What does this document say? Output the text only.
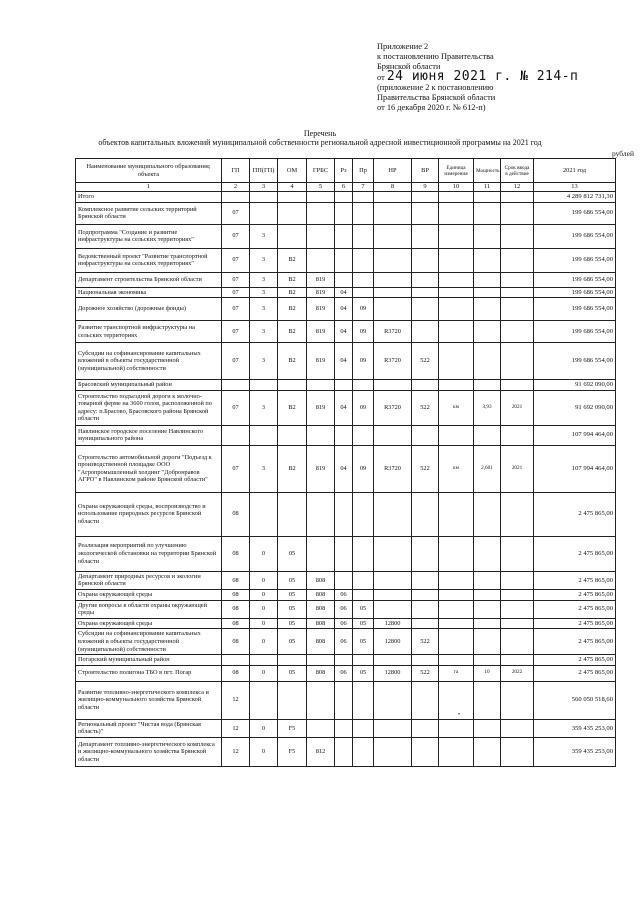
Приложение 2
к постановлению Правительства
Брянской области
от 24 июня 2021 г. № 214-п
(приложение 2 к постановлению
Правительства Брянской области
от 16 декабря 2020 г. № 612-п)
Перечень
объектов капитальных вложений муниципальной собственности региональной адресной инвестиционной программы на 2021 год
рублей
Наименование муниципального образования; объекта	ГП	ПП(ГП)	ОМ	ГРБС	Рз	Пр	НР	ВР	Единица измерения	Мощность	Срок ввода в действие	2021 год
1	2	3	4	5	6	7	8	9	10	11	12	13
Итого												4 289 812 731,30
Комплексное развитие сельских территорий Брянской области	07											199 686 554,00
Подпрограмма "Создание и развитие инфраструктуры на сельских территориях"	07	3										199 686 554,00
Ведомственный проект "Развитие транспортной инфраструктуры на сельских территориях"	07	3	В2									199 686 554,00
Департамент строительства Брянской области	07	3	В2	819								199 686 554,00
Национальная экономика	07	3	В2	819	04							199 686 554,00
Дорожное хозяйство (дорожные фонды)	07	3	В2	819	04	09						199 686 554,00
Развитие транспортной инфраструктуры на сельских территориях	07	3	В2	819	04	09	R3720					199 686 554,00
Субсидии на софинансирование капитальных вложений в объекты государственной (муниципальной) собственности	07	3	В2	819	04	09	R3720	522				199 686 554,00
Брасовский муниципальный район												91 692 090,00
Строительство подъездной дороги к молочно-товарной ферме на 3600 голов, расположенной по адресу: п.Брасово, Брасовского района Брянской области	07	3	В2	819	04	09	R3720	522	км	3,93	2021	91 692 090,00
Навлинское городское поселение Навлинского муниципального района												107 994 464,00
Строительство автомобильной дороги "Подъезд к производственной площадке ООО "Агропромышленный холдинг "Добронравов АГРО" в Навлинском районе Брянской области"	07	3	В2	819	04	09	R3720	522	км	2,601	2021	107 994 464,00
Охрана окружающей среды, воспроизводство и использование природных ресурсов Брянской области	08											2 475 865,00
Реализация мероприятий по улучшению экологической обстановки на территории Брянской области	08	0	05									2 475 865,00
Департамент природных ресурсов и экологии Брянской области	08	0	05	808								2 475 865,00
Охрана окружающей среды	08	0	05	808	06							2 475 865,00
Другие вопросы в области охраны окружающей среды	08	0	05	808	06	05						2 475 865,00
Охрана окружающей среды	08	0	05	808	06	05	12800					2 475 865,00
Субсидии на софинансирование капитальных вложений в объекты государственной (муниципальной) собственности	08	0	05	808	06	05	12800	522				2 475 865,00
Погарский муниципальный район												2 475 865,00
Строительство полигона ТБО в пгт. Погар	08	0	05	808	06	05	12800	522	га	10	2022	2 475 865,00
Развитие топливно-энергетического комплекса и жилищно-коммунального хозяйства Брянской области	12											560 050 518,60
Региональный проект "Чистая вода (Брянская область)"	12	0	F5									359 435 253,00
Департамент топливно-энергетического комплекса и жилищно-коммунального хозяйства Брянской области	12	0	F5	812								359 435 253,00
•
